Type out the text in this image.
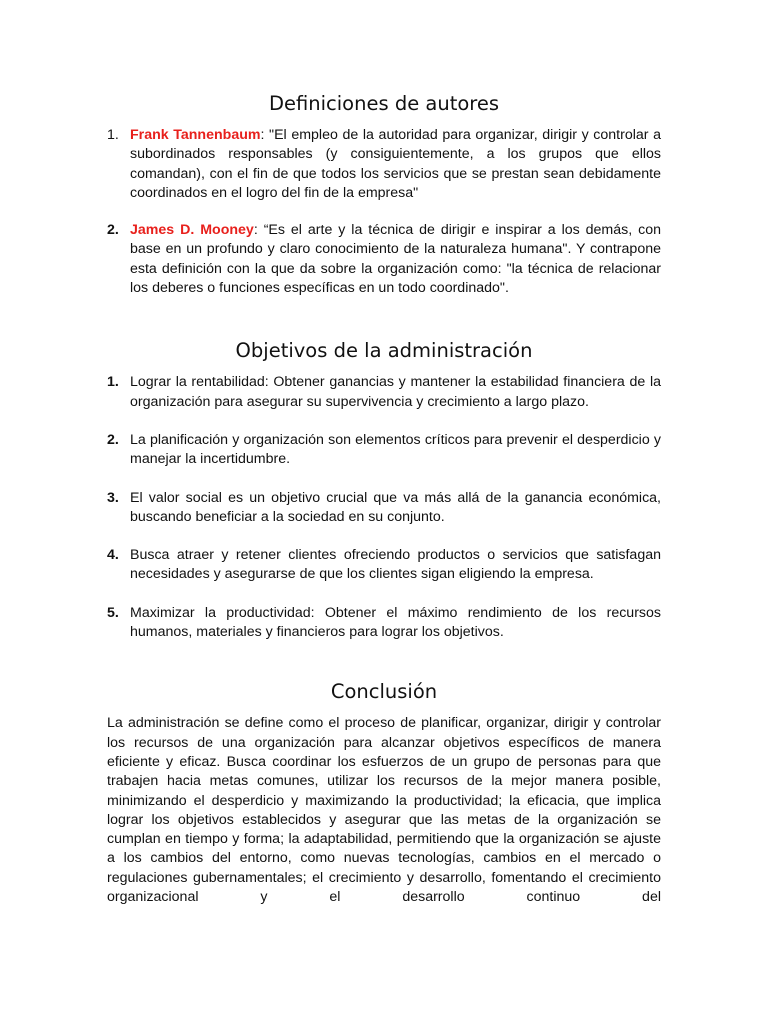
Definiciones de autores
1. Frank Tannenbaum: "El empleo de la autoridad para organizar, dirigir y controlar a subordinados responsables (y consiguientemente, a los grupos que ellos comandan), con el fin de que todos los servicios que se prestan sean debidamente coordinados en el logro del fin de la empresa"
2. James D. Mooney: “Es el arte y la técnica de dirigir e inspirar a los demás, con base en un profundo y claro conocimiento de la naturaleza humana". Y contrapone esta definición con la que da sobre la organización como: "la técnica de relacionar los deberes o funciones específicas en un todo coordinado".
Objetivos de la administración
1. Lograr la rentabilidad: Obtener ganancias y mantener la estabilidad financiera de la organización para asegurar su supervivencia y crecimiento a largo plazo.
2. La planificación y organización son elementos críticos para prevenir el desperdicio y manejar la incertidumbre.
3. El valor social es un objetivo crucial que va más allá de la ganancia económica, buscando beneficiar a la sociedad en su conjunto.
4. Busca atraer y retener clientes ofreciendo productos o servicios que satisfagan necesidades y asegurarse de que los clientes sigan eligiendo la empresa.
5. Maximizar la productividad: Obtener el máximo rendimiento de los recursos humanos, materiales y financieros para lograr los objetivos.
Conclusión

La administración se define como el proceso de planificar, organizar, dirigir y controlar los recursos de una organización para alcanzar objetivos específicos de manera eficiente y eficaz. Busca coordinar los esfuerzos de un grupo de personas para que trabajen hacia metas comunes, utilizar los recursos de la mejor manera posible, minimizando el desperdicio y maximizando la productividad; la eficacia, que implica lograr los objetivos establecidos y asegurar que las metas de la organización se cumplan en tiempo y forma; la adaptabilidad, permitiendo que la organización se ajuste a los cambios del entorno, como nuevas tecnologías, cambios en el mercado o regulaciones gubernamentales; el crecimiento y desarrollo, fomentando el crecimiento organizacional y el desarrollo continuo del
